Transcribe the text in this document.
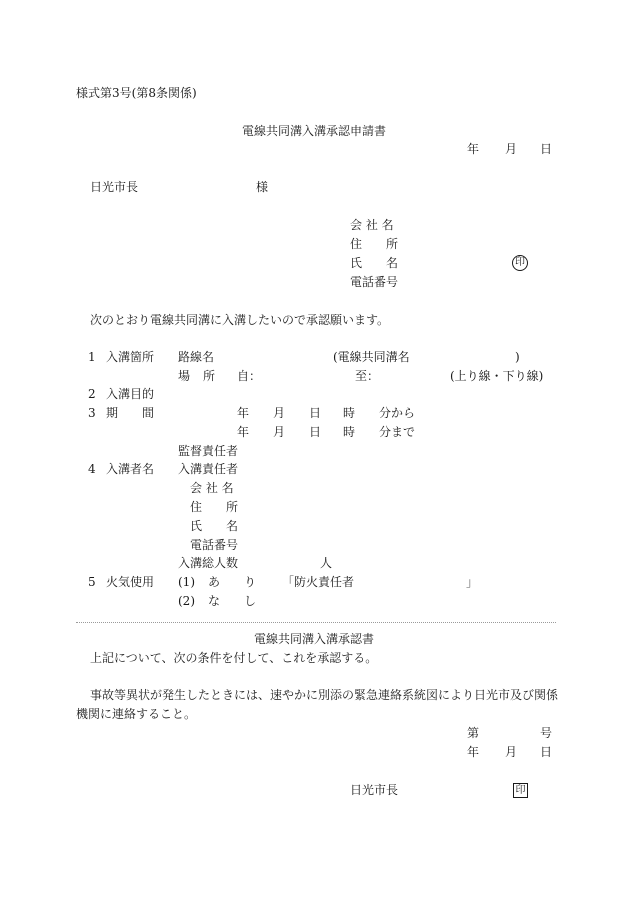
様式第3号(第8条関係)
電線共同溝入溝承認申請書
年 月 日
日光市長	様
会 社 名
住 所
氏 名	印
電話番号
次のとおり電線共同溝に入溝したいので承認願います。
1 入溝箇所 路線名	(電線共同溝名	)
場 所 自：	至：	(上り線・下り線)
2 入溝目的
3 期 間	年 月 日 時 分から
年 月 日 時 分まで
監督責任者
4 入溝者名 入溝責任者
会 社 名
住 所
氏 名
電話番号
入溝総人数	人
5 火気使用 (1) あ り 「防火責任者	」
(2) な し
電線共同溝入溝承認書
上記について、次の条件を付して、これを承認する。
事故等異状が発生したときには、速やかに別添の緊急連絡系統図により日光市及び関係
機関に連絡すること。
第	号
年 月 日
日光市長	印
